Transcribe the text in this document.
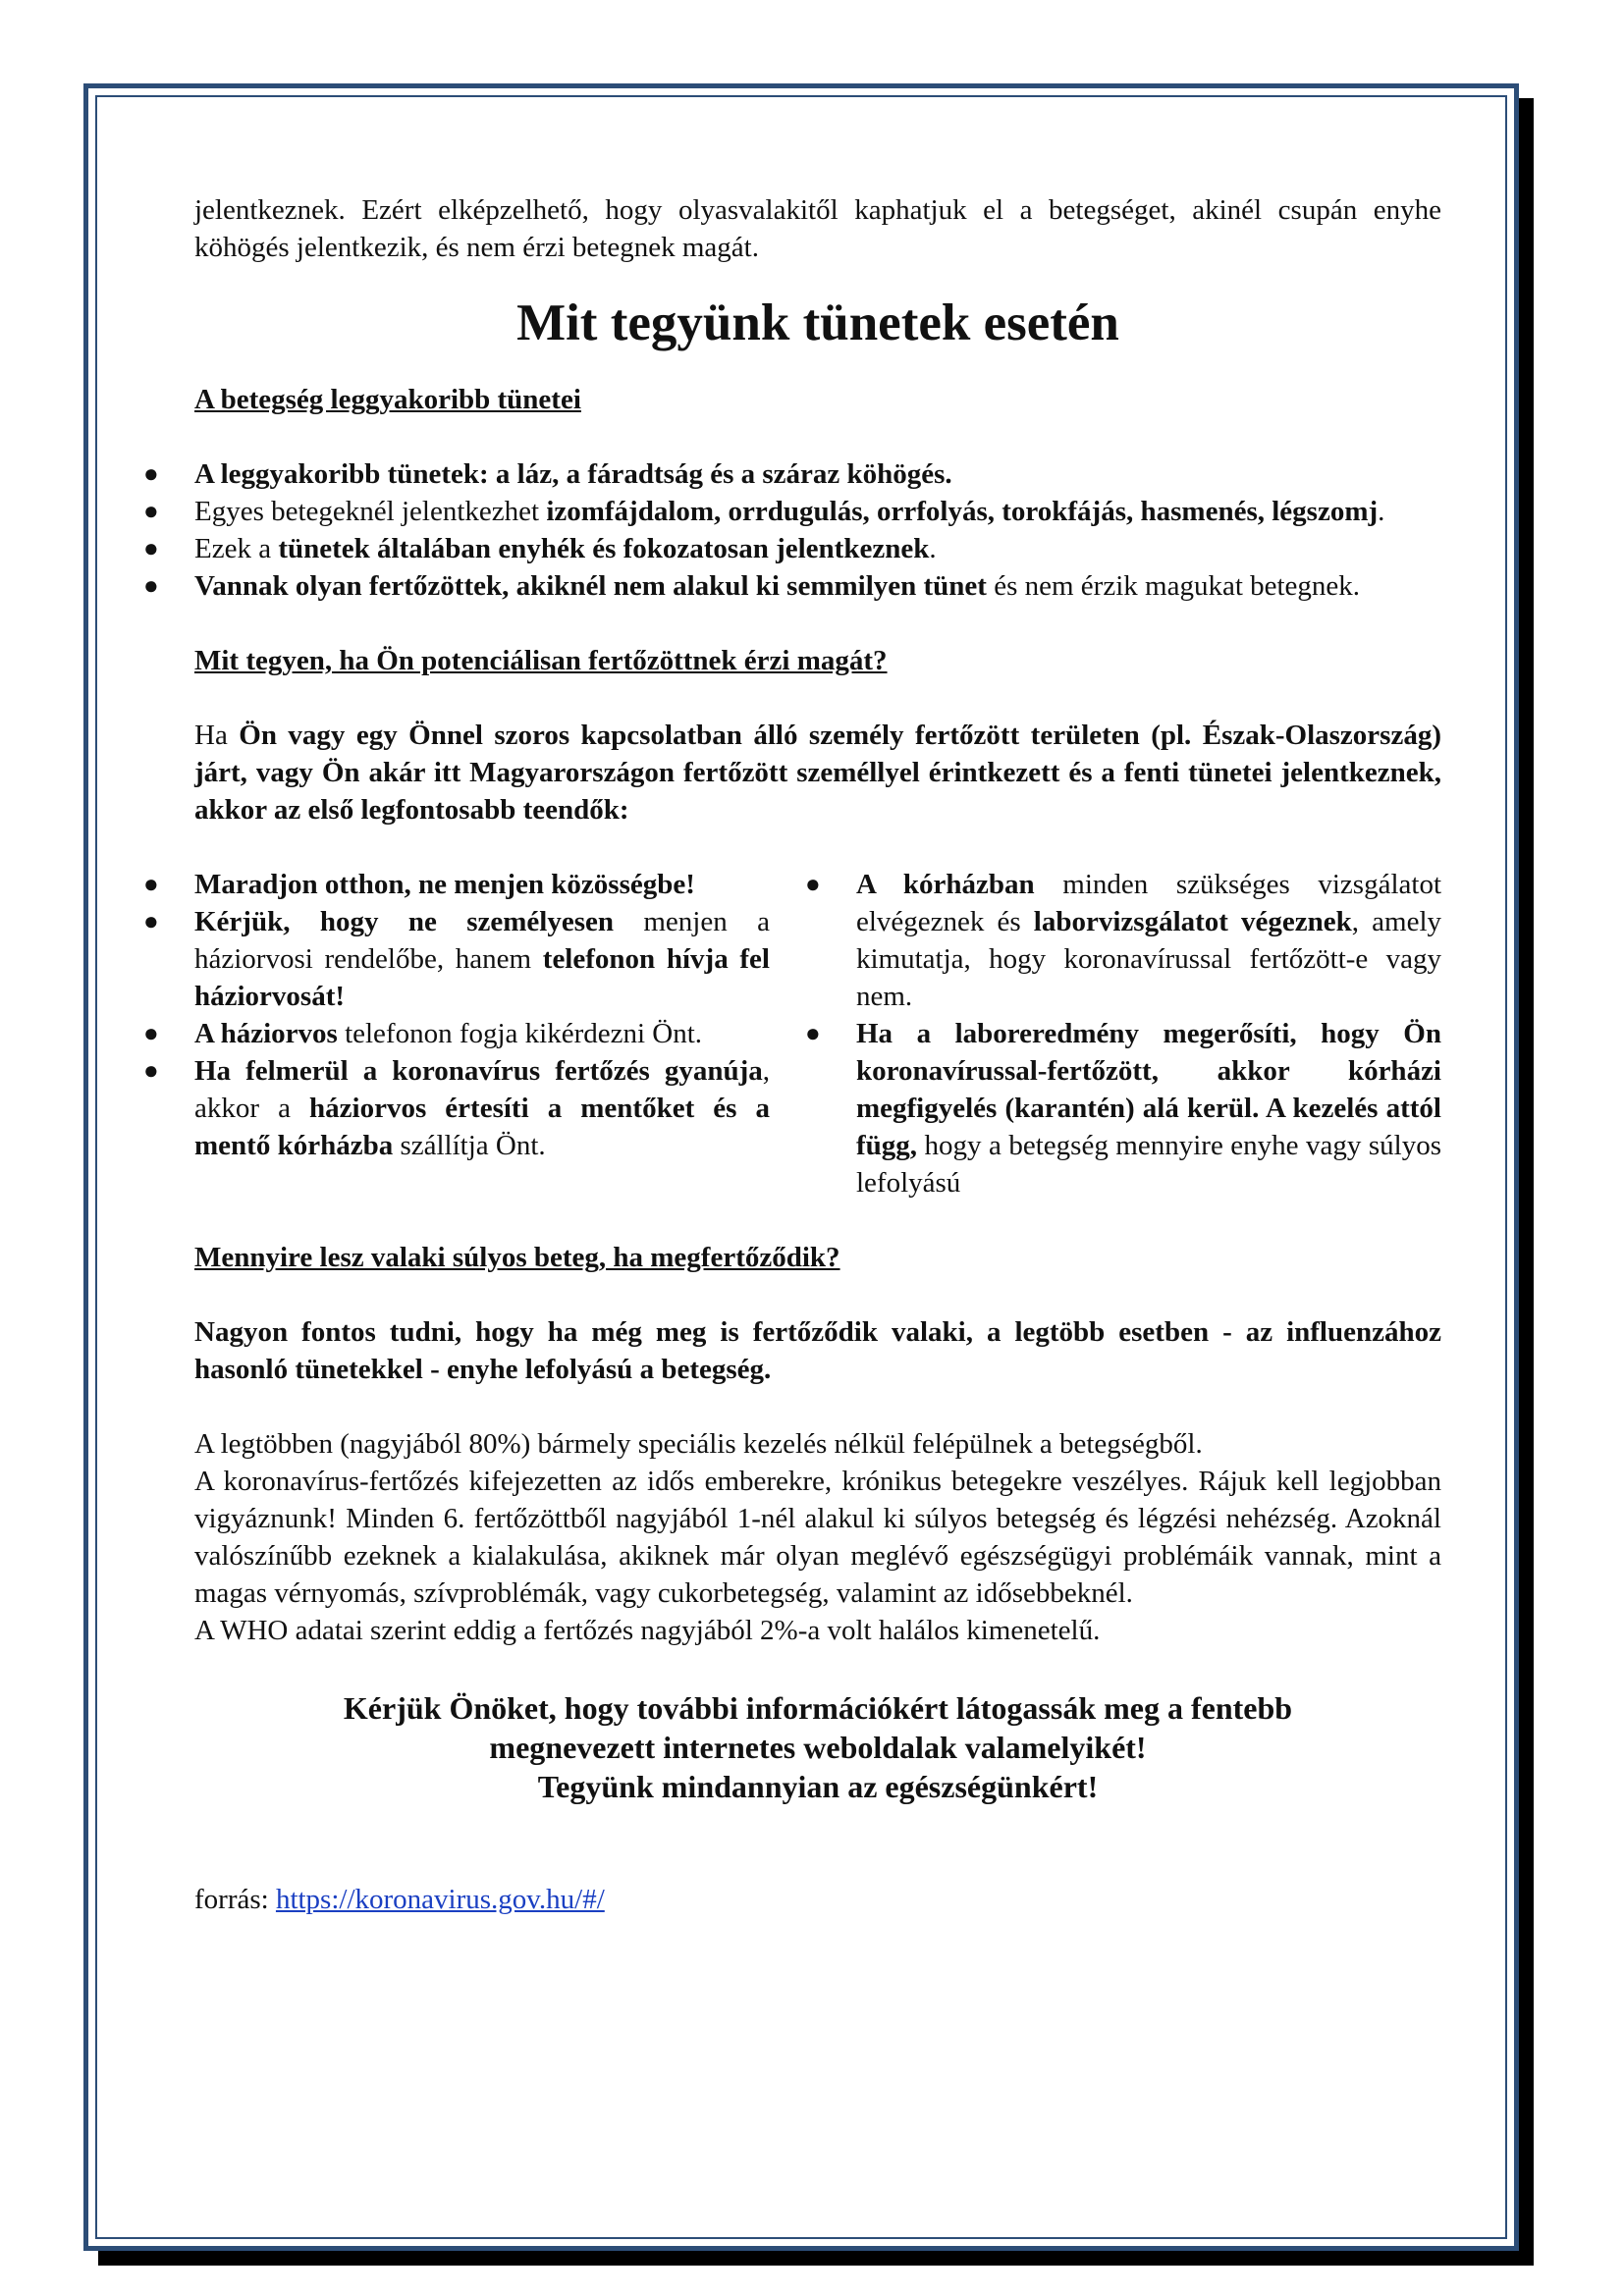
jelentkeznek. Ezért elképzelhető, hogy olyasvalakitől kaphatjuk el a betegséget, akinél csupán enyhe köhögés jelentkezik, és nem érzi betegnek magát.

Mit tegyünk tünetek esetén
A betegség leggyakoribb tünetei
● A leggyakoribb tünetek: a láz, a fáradtság és a száraz köhögés.
● Egyes betegeknél jelentkezhet izomfájdalom, orrdugulás, orrfolyás, torokfájás, hasmenés, légszomj.
● Ezek a tünetek általában enyhék és fokozatosan jelentkeznek.
● Vannak olyan fertőzöttek, akiknél nem alakul ki semmilyen tünet és nem érzik magukat betegnek.
Mit tegyen, ha Ön potenciálisan fertőzöttnek érzi magát?

Ha Ön vagy egy Önnel szoros kapcsolatban álló személy fertőzött területen (pl. Észak-Olaszország) járt, vagy Ön akár itt Magyarországon fertőzött személlyel érintkezett és a fenti tünetei jelentkeznek, akkor az első legfontosabb teendők:

● Maradjon otthon, ne menjen közösségbe!
● Kérjük, hogy ne személyesen menjen a háziorvosi rendelőbe, hanem telefonon hívja fel háziorvosát!
● A háziorvos telefonon fogja kikérdezni Önt.
● Ha felmerül a koronavírus fertőzés gyanúja, akkor a háziorvos értesíti a mentőket és a mentő kórházba szállítja Önt.
● A kórházban minden szükséges vizsgálatot elvégeznek és laborvizsgálatot végeznek, amely kimutatja, hogy koronavírussal fertőzött-e vagy nem.
● Ha a laboreredmény megerősíti, hogy Ön koronavírussal-fertőzött, akkor kórházi megfigyelés (karantén) alá kerül. A kezelés attól függ, hogy a betegség mennyire enyhe vagy súlyos lefolyású
Mennyire lesz valaki súlyos beteg, ha megfertőződik?

Nagyon fontos tudni, hogy ha még meg is fertőződik valaki, a legtöbb esetben - az influenzához hasonló tünetekkel - enyhe lefolyású a betegség.

A legtöbben (nagyjából 80%) bármely speciális kezelés nélkül felépülnek a betegségből.

A koronavírus-fertőzés kifejezetten az idős emberekre, krónikus betegekre veszélyes. Rájuk kell legjobban vigyáznunk! Minden 6. fertőzöttből nagyjából 1-nél alakul ki súlyos betegség és légzési nehézség. Azoknál valószínűbb ezeknek a kialakulása, akiknek már olyan meglévő egészségügyi problémáik vannak, mint a magas vérnyomás, szívproblémák, vagy cukorbetegség, valamint az idősebbeknél.

A WHO adatai szerint eddig a fertőzés nagyjából 2%-a volt halálos kimenetelű.

Kérjük Önöket, hogy további információkért látogassák meg a fentebb
megnevezett internetes weboldalak valamelyikét!
Tegyünk mindannyian az egészségünkért!

forrás: https://koronavirus.gov.hu/#/
